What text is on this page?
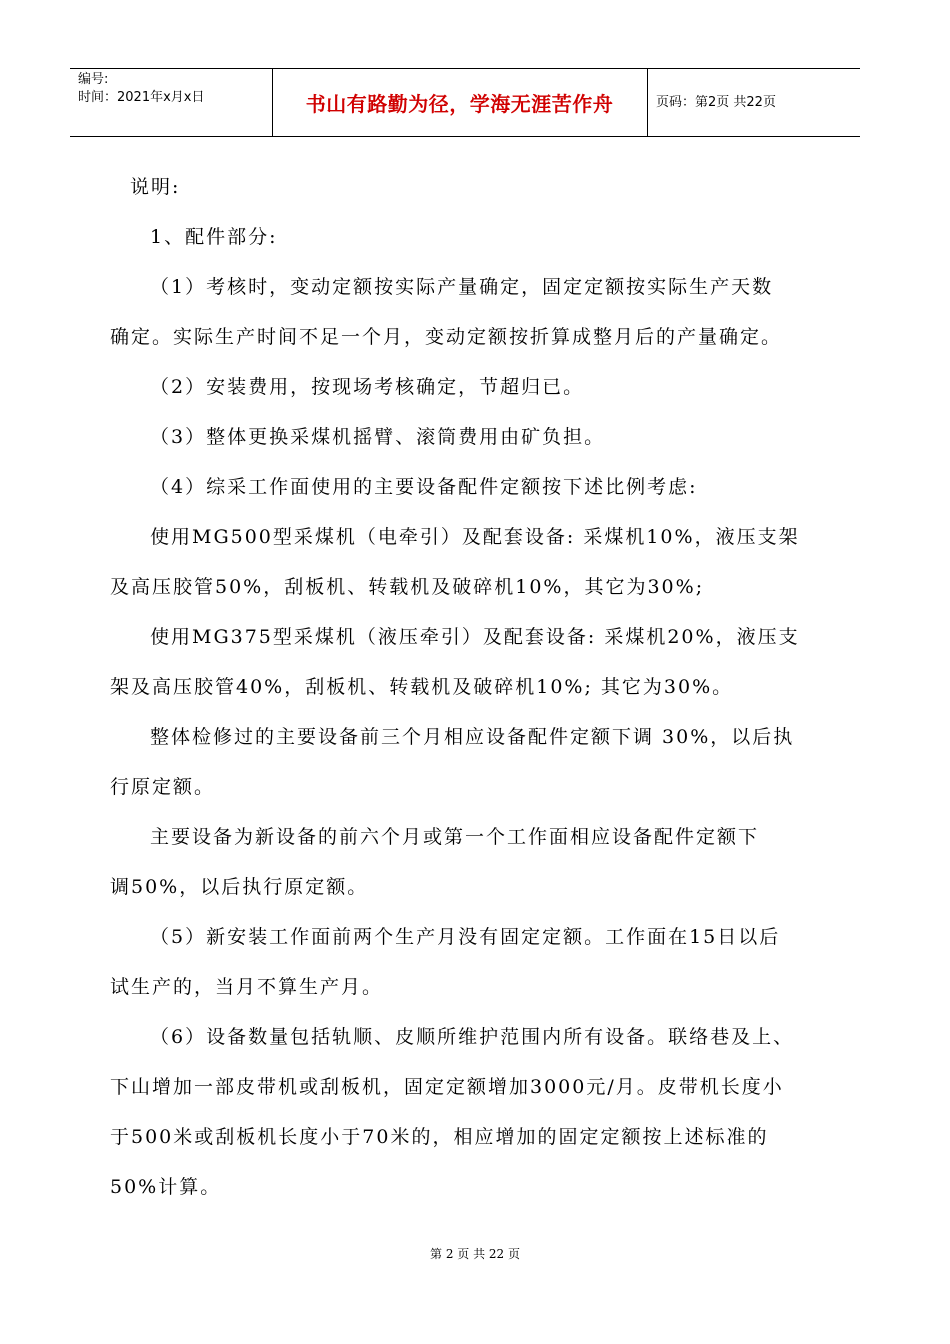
编号:
时间：2021年x月x日	书山有路勤为径，学海无涯苦作舟	页码：第2页 共22页
说明:
1、配件部分:
（1）考核时，变动定额按实际产量确定，固定定额按实际生产天数
确定。实际生产时间不足一个月，变动定额按折算成整月后的产量确定。
（2）安装费用，按现场考核确定，节超归已。
（3）整体更换采煤机摇臂、滚筒费用由矿负担。
（4）综采工作面使用的主要设备配件定额按下述比例考虑:
使用MG500型采煤机（电牵引）及配套设备: 采煤机10%，液压支架
及高压胶管50%，刮板机、转载机及破碎机10%，其它为30%;
使用MG375型采煤机（液压牵引）及配套设备: 采煤机20%，液压支
架及高压胶管40%，刮板机、转载机及破碎机10%; 其它为30%。
整体检修过的主要设备前三个月相应设备配件定额下调 30%，以后执
行原定额。
主要设备为新设备的前六个月或第一个工作面相应设备配件定额下
调50%，以后执行原定额。
（5）新安装工作面前两个生产月没有固定定额。工作面在15日以后
试生产的，当月不算生产月。
（6）设备数量包括轨顺、皮顺所维护范围内所有设备。联络巷及上、
下山增加一部皮带机或刮板机，固定定额增加3000元/月。皮带机长度小
于500米或刮板机长度小于70米的，相应增加的固定定额按上述标准的
50%计算。
第 2 页 共 22 页
